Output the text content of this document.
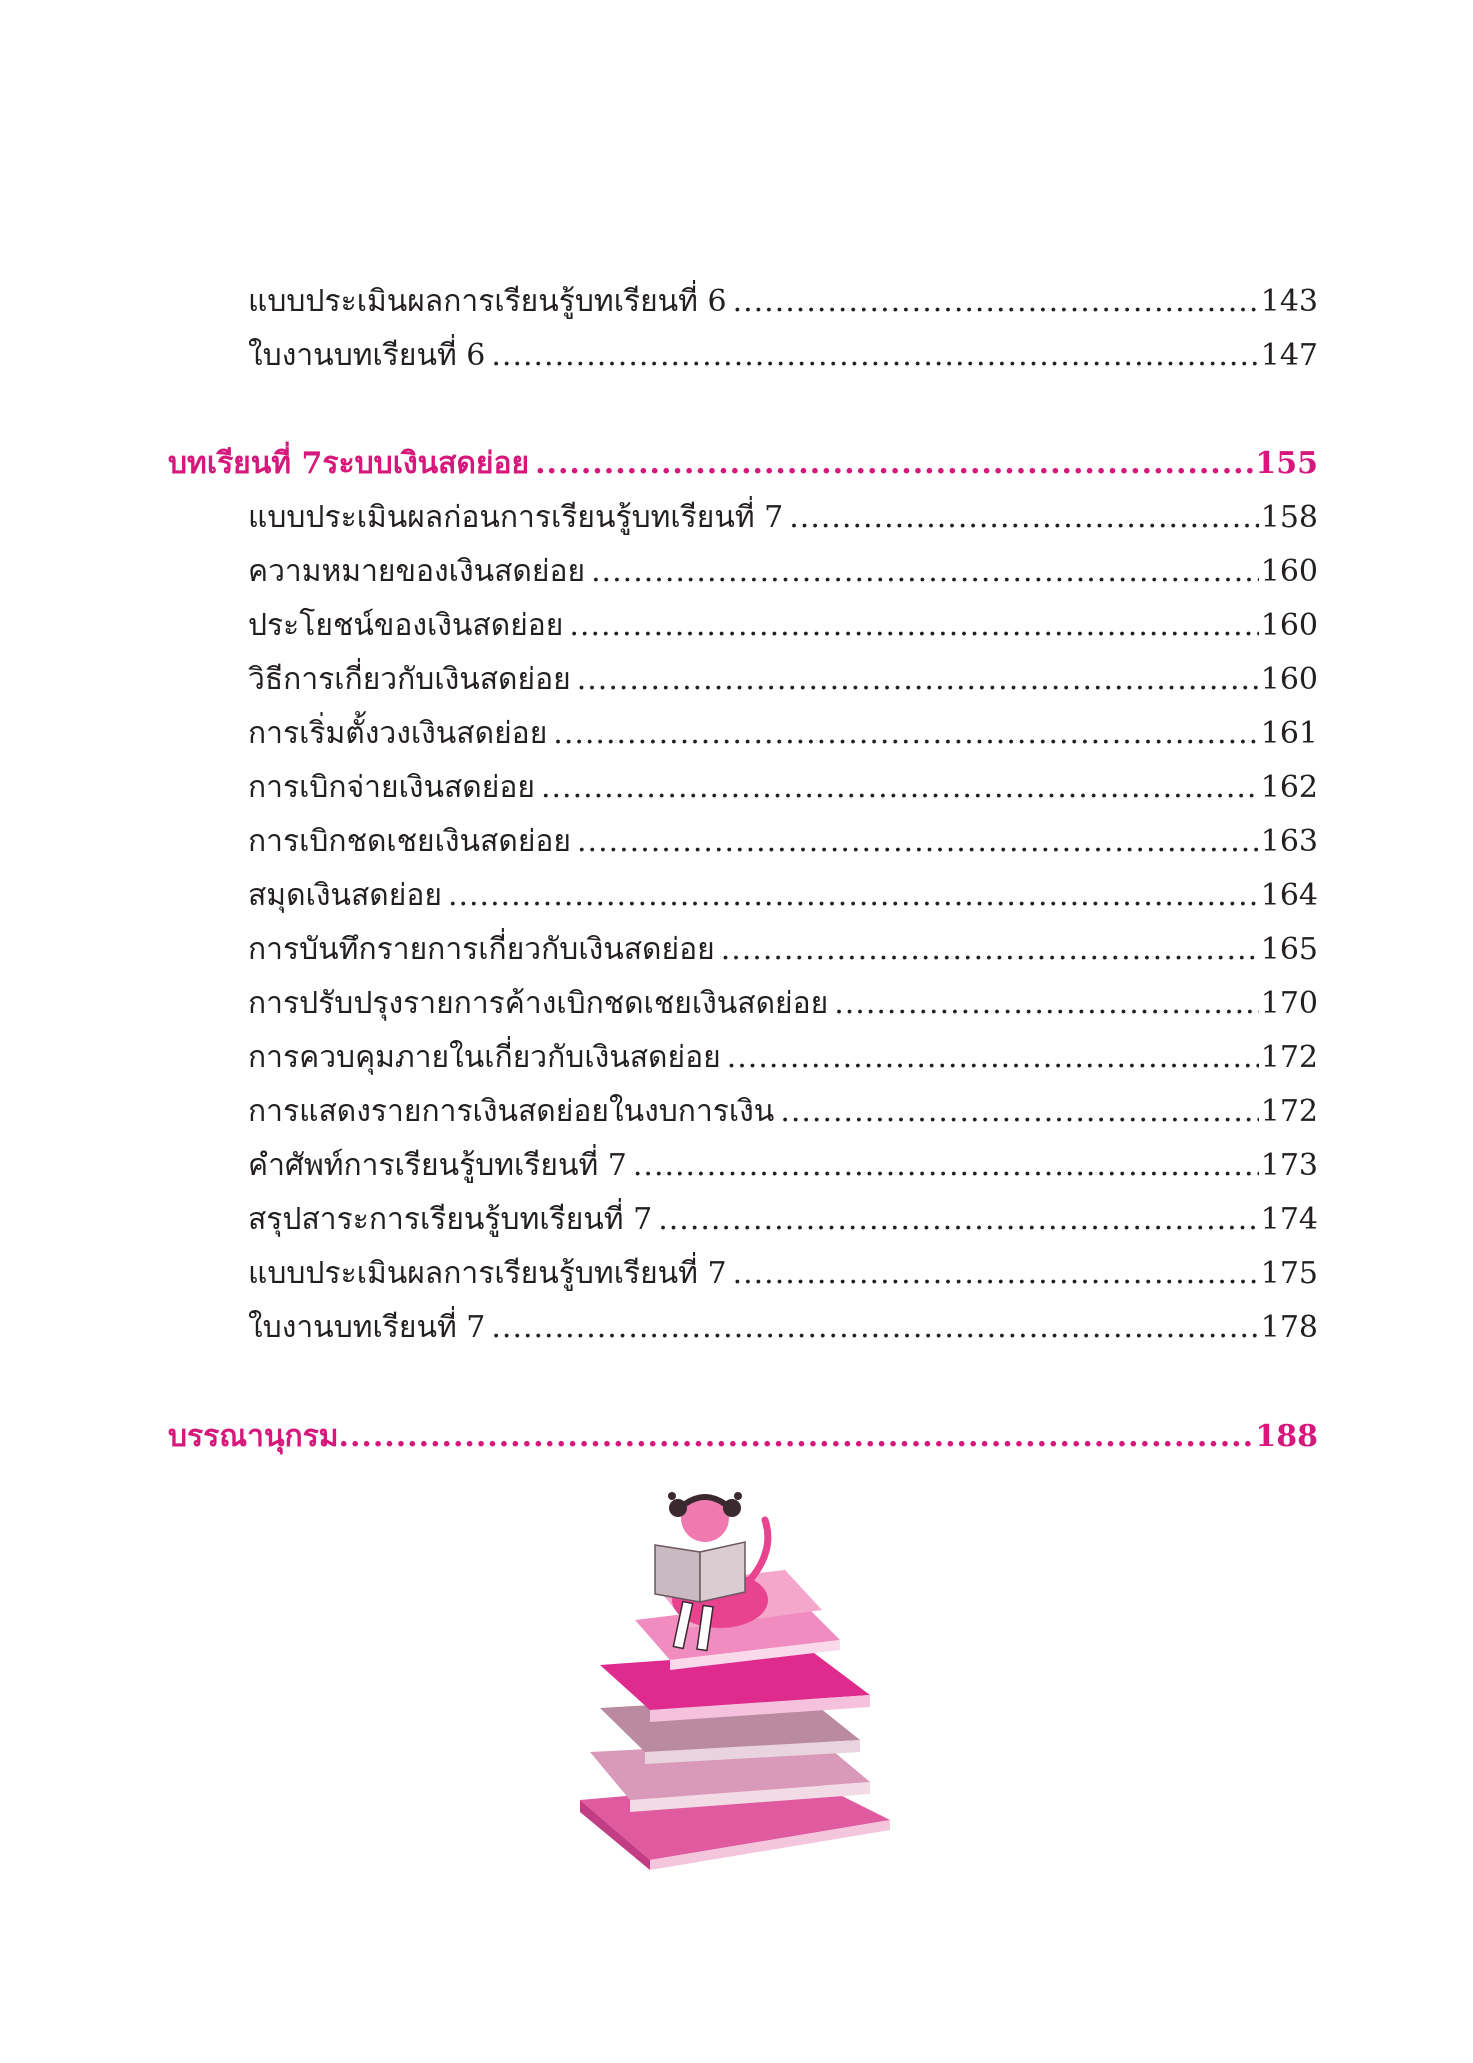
แบบประเมินผลการเรียนรู้บทเรียนที่ 6 .....	143
ใบงานบทเรียนที่ 6 .....	147
บทเรียนที่ 7 ระบบเงินสดย่อย .....	155
แบบประเมินผลก่อนการเรียนรู้บทเรียนที่ 7 .....	158
ความหมายของเงินสดย่อย .....	160
ประโยชน์ของเงินสดย่อย .....	160
วิธีการเกี่ยวกับเงินสดย่อย .....	160
การเริ่มตั้งวงเงินสดย่อย .....	161
การเบิกจ่ายเงินสดย่อย .....	162
การเบิกชดเชยเงินสดย่อย .....	163
สมุดเงินสดย่อย .....	164
การบันทึกรายการเกี่ยวกับเงินสดย่อย .....	165
การปรับปรุงรายการค้างเบิกชดเชยเงินสดย่อย .....	170
การควบคุมภายในเกี่ยวกับเงินสดย่อย .....	172
การแสดงรายการเงินสดย่อยในงบการเงิน .....	172
คำศัพท์การเรียนรู้บทเรียนที่ 7 .....	173
สรุปสาระการเรียนรู้บทเรียนที่ 7 .....	174
แบบประเมินผลการเรียนรู้บทเรียนที่ 7 .....	175
ใบงานบทเรียนที่ 7 .....	178
บรรณานุกรม .....	188
